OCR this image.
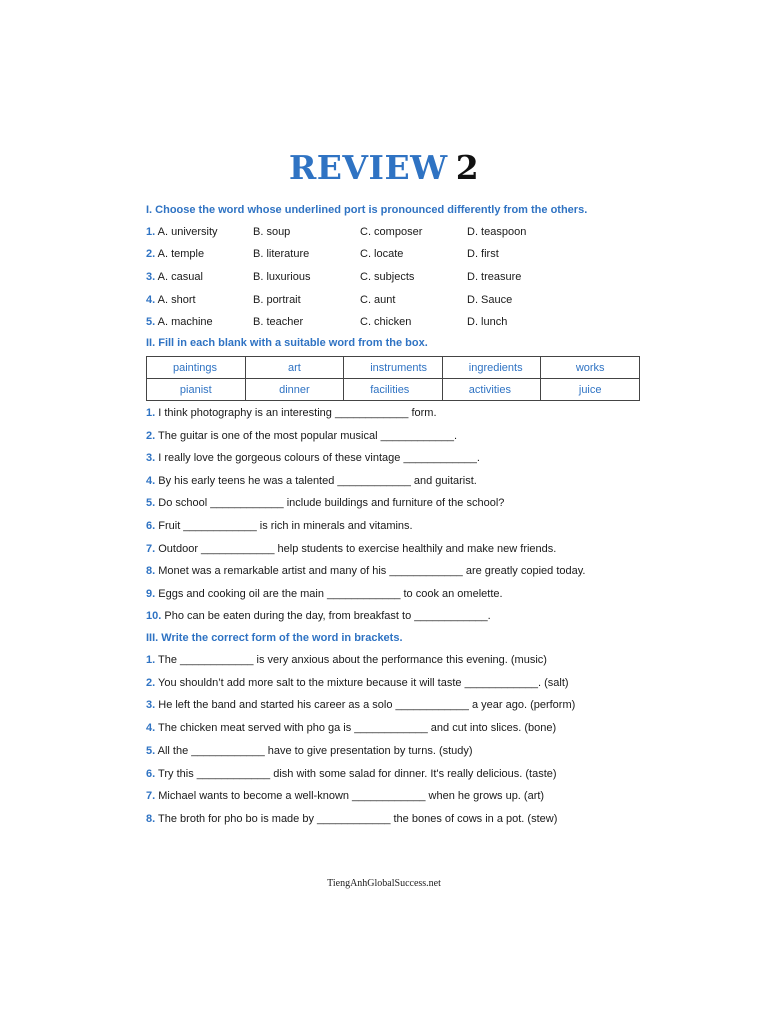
REVIEW 2
I. Choose the word whose underlined port is pronounced differently from the others.
1. A. university	B. soup	C. composer	D. teaspoon
2. A. temple	B. literature	C. locate	D. first
3. A. casual	B. luxurious	C. subjects	D. treasure
4. A. short	B. portrait	C. aunt	D. Sauce
5. A. machine	B. teacher	C. chicken	D. lunch
II. Fill in each blank with a suitable word from the box.
paintings	art	instruments	ingredients	works
pianist	dinner	facilities	activities	juice
1. I think photography is an interesting ____________ form.
2. The guitar is one of the most popular musical ____________.
3. I really love the gorgeous colours of these vintage ____________.
4. By his early teens he was a talented ____________ and guitarist.
5. Do school ____________ include buildings and furniture of the school?
6. Fruit ____________ is rich in minerals and vitamins.
7. Outdoor ____________ help students to exercise healthily and make new friends.
8. Monet was a remarkable artist and many of his ____________ are greatly copied today.
9. Eggs and cooking oil are the main ____________ to cook an omelette.
10. Pho can be eaten during the day, from breakfast to ____________.
III. Write the correct form of the word in brackets.
1. The ____________ is very anxious about the performance this evening. (music)
2. You shouldn’t add more salt to the mixture because it will taste ____________. (salt)
3. He left the band and started his career as a solo ____________ a year ago. (perform)
4. The chicken meat served with pho ga is ____________ and cut into slices. (bone)
5. All the ____________ have to give presentation by turns. (study)
6. Try this ____________ dish with some salad for dinner. It's really delicious. (taste)
7. Michael wants to become a well-known ____________ when he grows up. (art)
8. The broth for pho bo is made by ____________ the bones of cows in a pot. (stew)
TiengAnhGlobalSuccess.net
